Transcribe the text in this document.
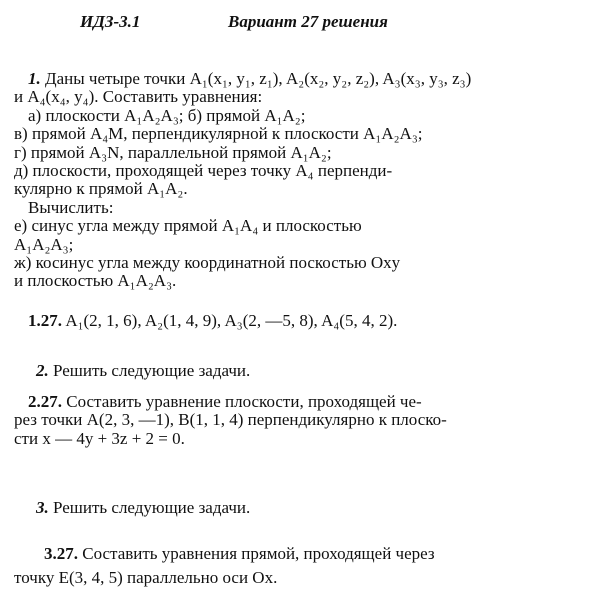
ИДЗ-3.1	Вариант 27 решения
1. Даны четыре точки A₁(x₁, y₁, z₁), A₂(x₂, y₂, z₂), A₃(x₃, y₃, z₃)
и A₄(x₄, y₄). Составить уравнения:
а) плоскости A₁A₂A₃; б) прямой A₁A₂;
в) прямой A₄M, перпендикулярной к плоскости A₁A₂A₃;
г) прямой A₃N, параллельной прямой A₁A₂;
д) плоскости, проходящей через точку A₄ перпенди-
кулярно к прямой A₁A₂.
Вычислить:
е) синус угла между прямой A₁A₄ и плоскостью
A₁A₂A₃;
ж) косинус угла между координатной поскостью Oxy
и плоскостью A₁A₂A₃.
1.27. A₁(2, 1, 6), A₂(1, 4, 9), A₃(2, —5, 8), A₄(5, 4, 2).
2. Решить следующие задачи.
2.27. Составить уравнение плоскости, проходящей че-
рез точки A(2, 3, —1), B(1, 1, 4) перпендикулярно к плоско-
сти x — 4y + 3z + 2 = 0.
3. Решить следующие задачи.
3.27. Составить уравнения прямой, проходящей через
точку E(3, 4, 5) параллельно оси Ox.
